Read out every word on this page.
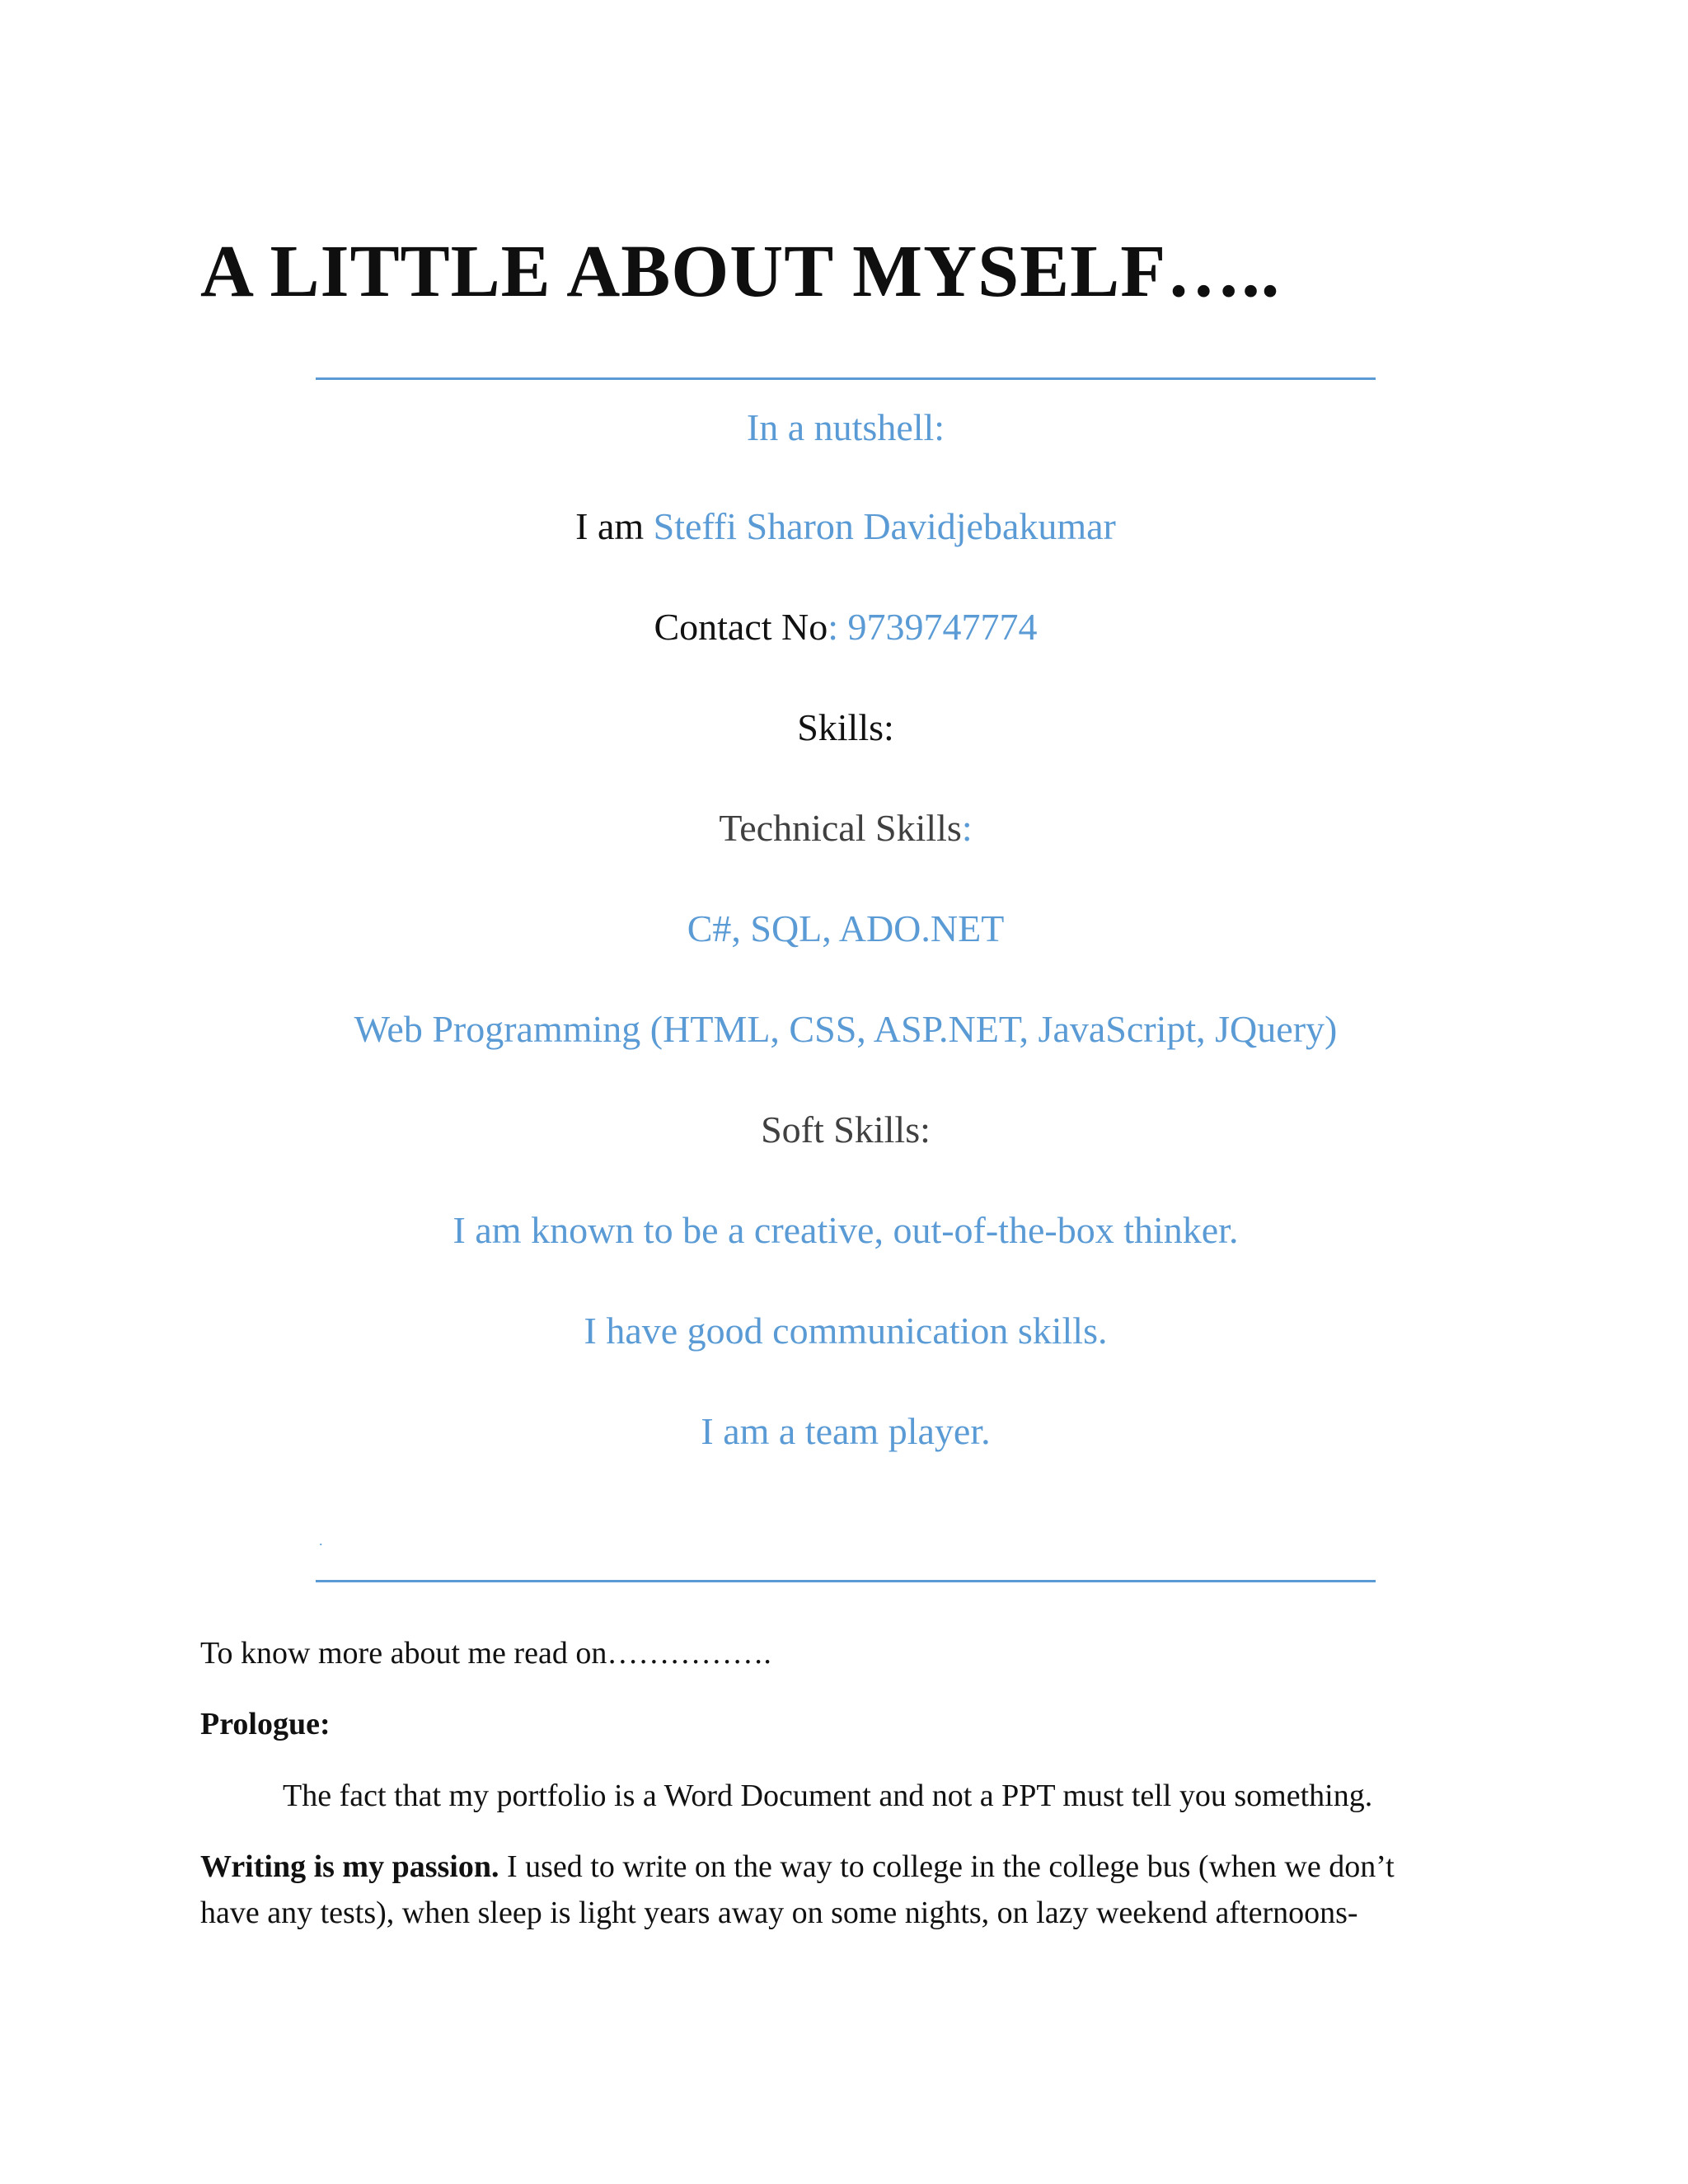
A LITTLE ABOUT MYSELF…..
In a nutshell:
I am Steffi Sharon Davidjebakumar
Contact No: 9739747774
Skills:
Technical Skills:
C#, SQL, ADO.NET
Web Programming (HTML, CSS, ASP.NET, JavaScript, JQuery)
Soft Skills:
I am known to be a creative, out-of-the-box thinker.
I have good communication skills.
I am a team player.
.
To know more about me read on…………….
Prologue:
The fact that my portfolio is a Word Document and not a PPT must tell you something.
Writing is my passion. I used to write on the way to college in the college bus (when we don’t
have any tests), when sleep is light years away on some nights, on lazy weekend afternoons-
